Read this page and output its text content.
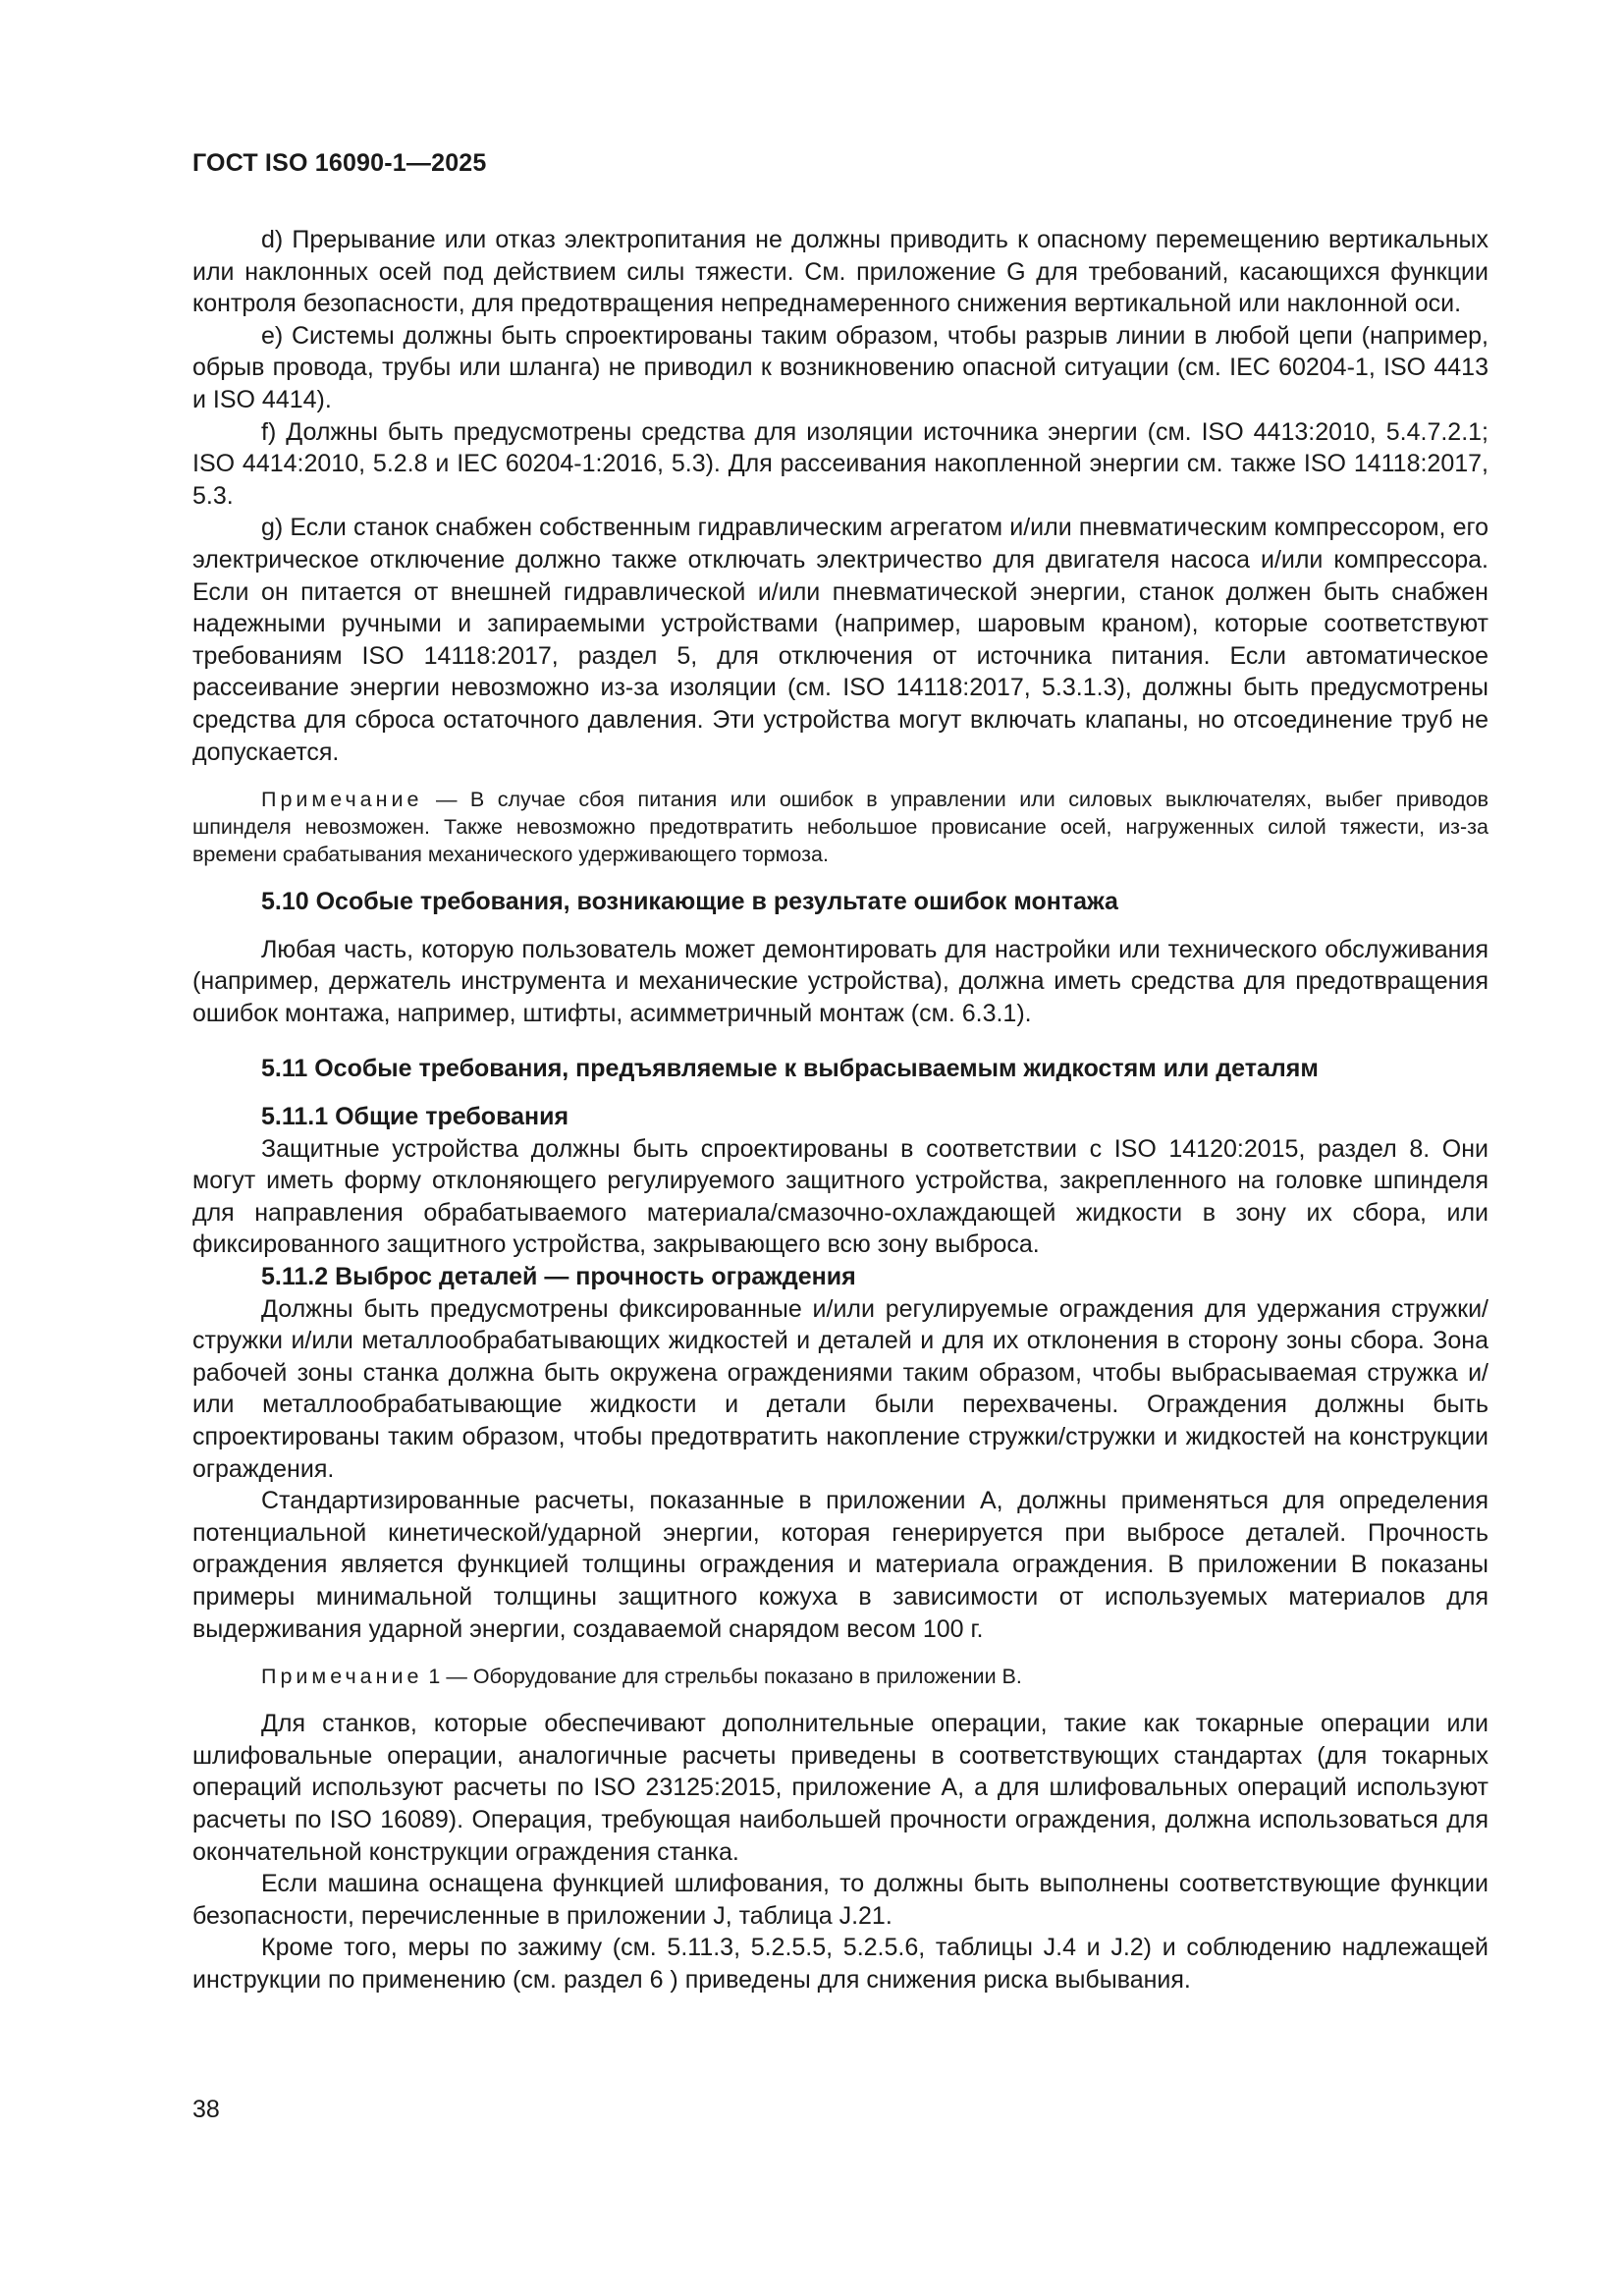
ГОСТ ISO 16090-1—2025

d) Прерывание или отказ электропитания не должны приводить к опасному перемещению вертикальных или наклонных осей под действием силы тяжести. См. приложение G для требований, касающихся функции контроля безопасности, для предотвращения непреднамеренного снижения вертикальной или наклонной оси.

e) Системы должны быть спроектированы таким образом, чтобы разрыв линии в любой цепи (например, обрыв провода, трубы или шланга) не приводил к возникновению опасной ситуации (см. IEC 60204-1, ISO 4413 и ISO 4414).

f) Должны быть предусмотрены средства для изоляции источника энергии (см. ISO 4413:2010, 5.4.7.2.1; ISO 4414:2010, 5.2.8 и IEC 60204-1:2016, 5.3). Для рассеивания накопленной энергии см. также ISO 14118:2017, 5.3.

g) Если станок снабжен собственным гидравлическим агрегатом и/или пневматическим компрессором, его электрическое отключение должно также отключать электричество для двигателя насоса и/или компрессора. Если он питается от внешней гидравлической и/или пневматической энергии, станок должен быть снабжен надежными ручными и запираемыми устройствами (например, шаровым краном), которые соответствуют требованиям ISO 14118:2017, раздел 5, для отключения от источника питания. Если автоматическое рассеивание энергии невозможно из-за изоляции (см. ISO 14118:2017, 5.3.1.3), должны быть предусмотрены средства для сброса остаточного давления. Эти устройства могут включать клапаны, но отсоединение труб не допускается.

Примечание — В случае сбоя питания или ошибок в управлении или силовых выключателях, выбег приводов шпинделя невозможен. Также невозможно предотвратить небольшое провисание осей, нагруженных силой тяжести, из-за времени срабатывания механического удерживающего тормоза.

5.10 Особые требования, возникающие в результате ошибок монтажа

Любая часть, которую пользователь может демонтировать для настройки или технического обслуживания (например, держатель инструмента и механические устройства), должна иметь средства для предотвращения ошибок монтажа, например, штифты, асимметричный монтаж (см. 6.3.1).

5.11 Особые требования, предъявляемые к выбрасываемым жидкостям или деталям
5.11.1 Общие требования

Защитные устройства должны быть спроектированы в соответствии с ISO 14120:2015, раздел 8. Они могут иметь форму отклоняющего регулируемого защитного устройства, закрепленного на головке шпинделя для направления обрабатываемого материала/смазочно-охлаждающей жидкости в зону их сбора, или фиксированного защитного устройства, закрывающего всю зону выброса.

5.11.2 Выброс деталей — прочность ограждения

Должны быть предусмотрены фиксированные и/или регулируемые ограждения для удержания стружки/стружки и/или металлообрабатывающих жидкостей и деталей и для их отклонения в сторону зоны сбора. Зона рабочей зоны станка должна быть окружена ограждениями таким образом, чтобы выбрасываемая стружка и/или металлообрабатывающие жидкости и детали были перехвачены. Ограждения должны быть спроектированы таким образом, чтобы предотвратить накопление стружки/стружки и жидкостей на конструкции ограждения.

Стандартизированные расчеты, показанные в приложении А, должны применяться для определения потенциальной кинетической/ударной энергии, которая генерируется при выбросе деталей. Прочность ограждения является функцией толщины ограждения и материала ограждения. В приложении В показаны примеры минимальной толщины защитного кожуха в зависимости от используемых материалов для выдерживания ударной энергии, создаваемой снарядом весом 100 г.

Примечание 1 — Оборудование для стрельбы показано в приложении В.

Для станков, которые обеспечивают дополнительные операции, такие как токарные операции или шлифовальные операции, аналогичные расчеты приведены в соответствующих стандартах (для токарных операций используют расчеты по ISO 23125:2015, приложение А, а для шлифовальных операций используют расчеты по ISO 16089). Операция, требующая наибольшей прочности ограждения, должна использоваться для окончательной конструкции ограждения станка.

Если машина оснащена функцией шлифования, то должны быть выполнены соответствующие функции безопасности, перечисленные в приложении J, таблица J.21.

Кроме того, меры по зажиму (см. 5.11.3, 5.2.5.5, 5.2.5.6, таблицы J.4 и J.2) и соблюдению надлежащей инструкции по применению (см. раздел 6 ) приведены для снижения риска выбывания.

38
